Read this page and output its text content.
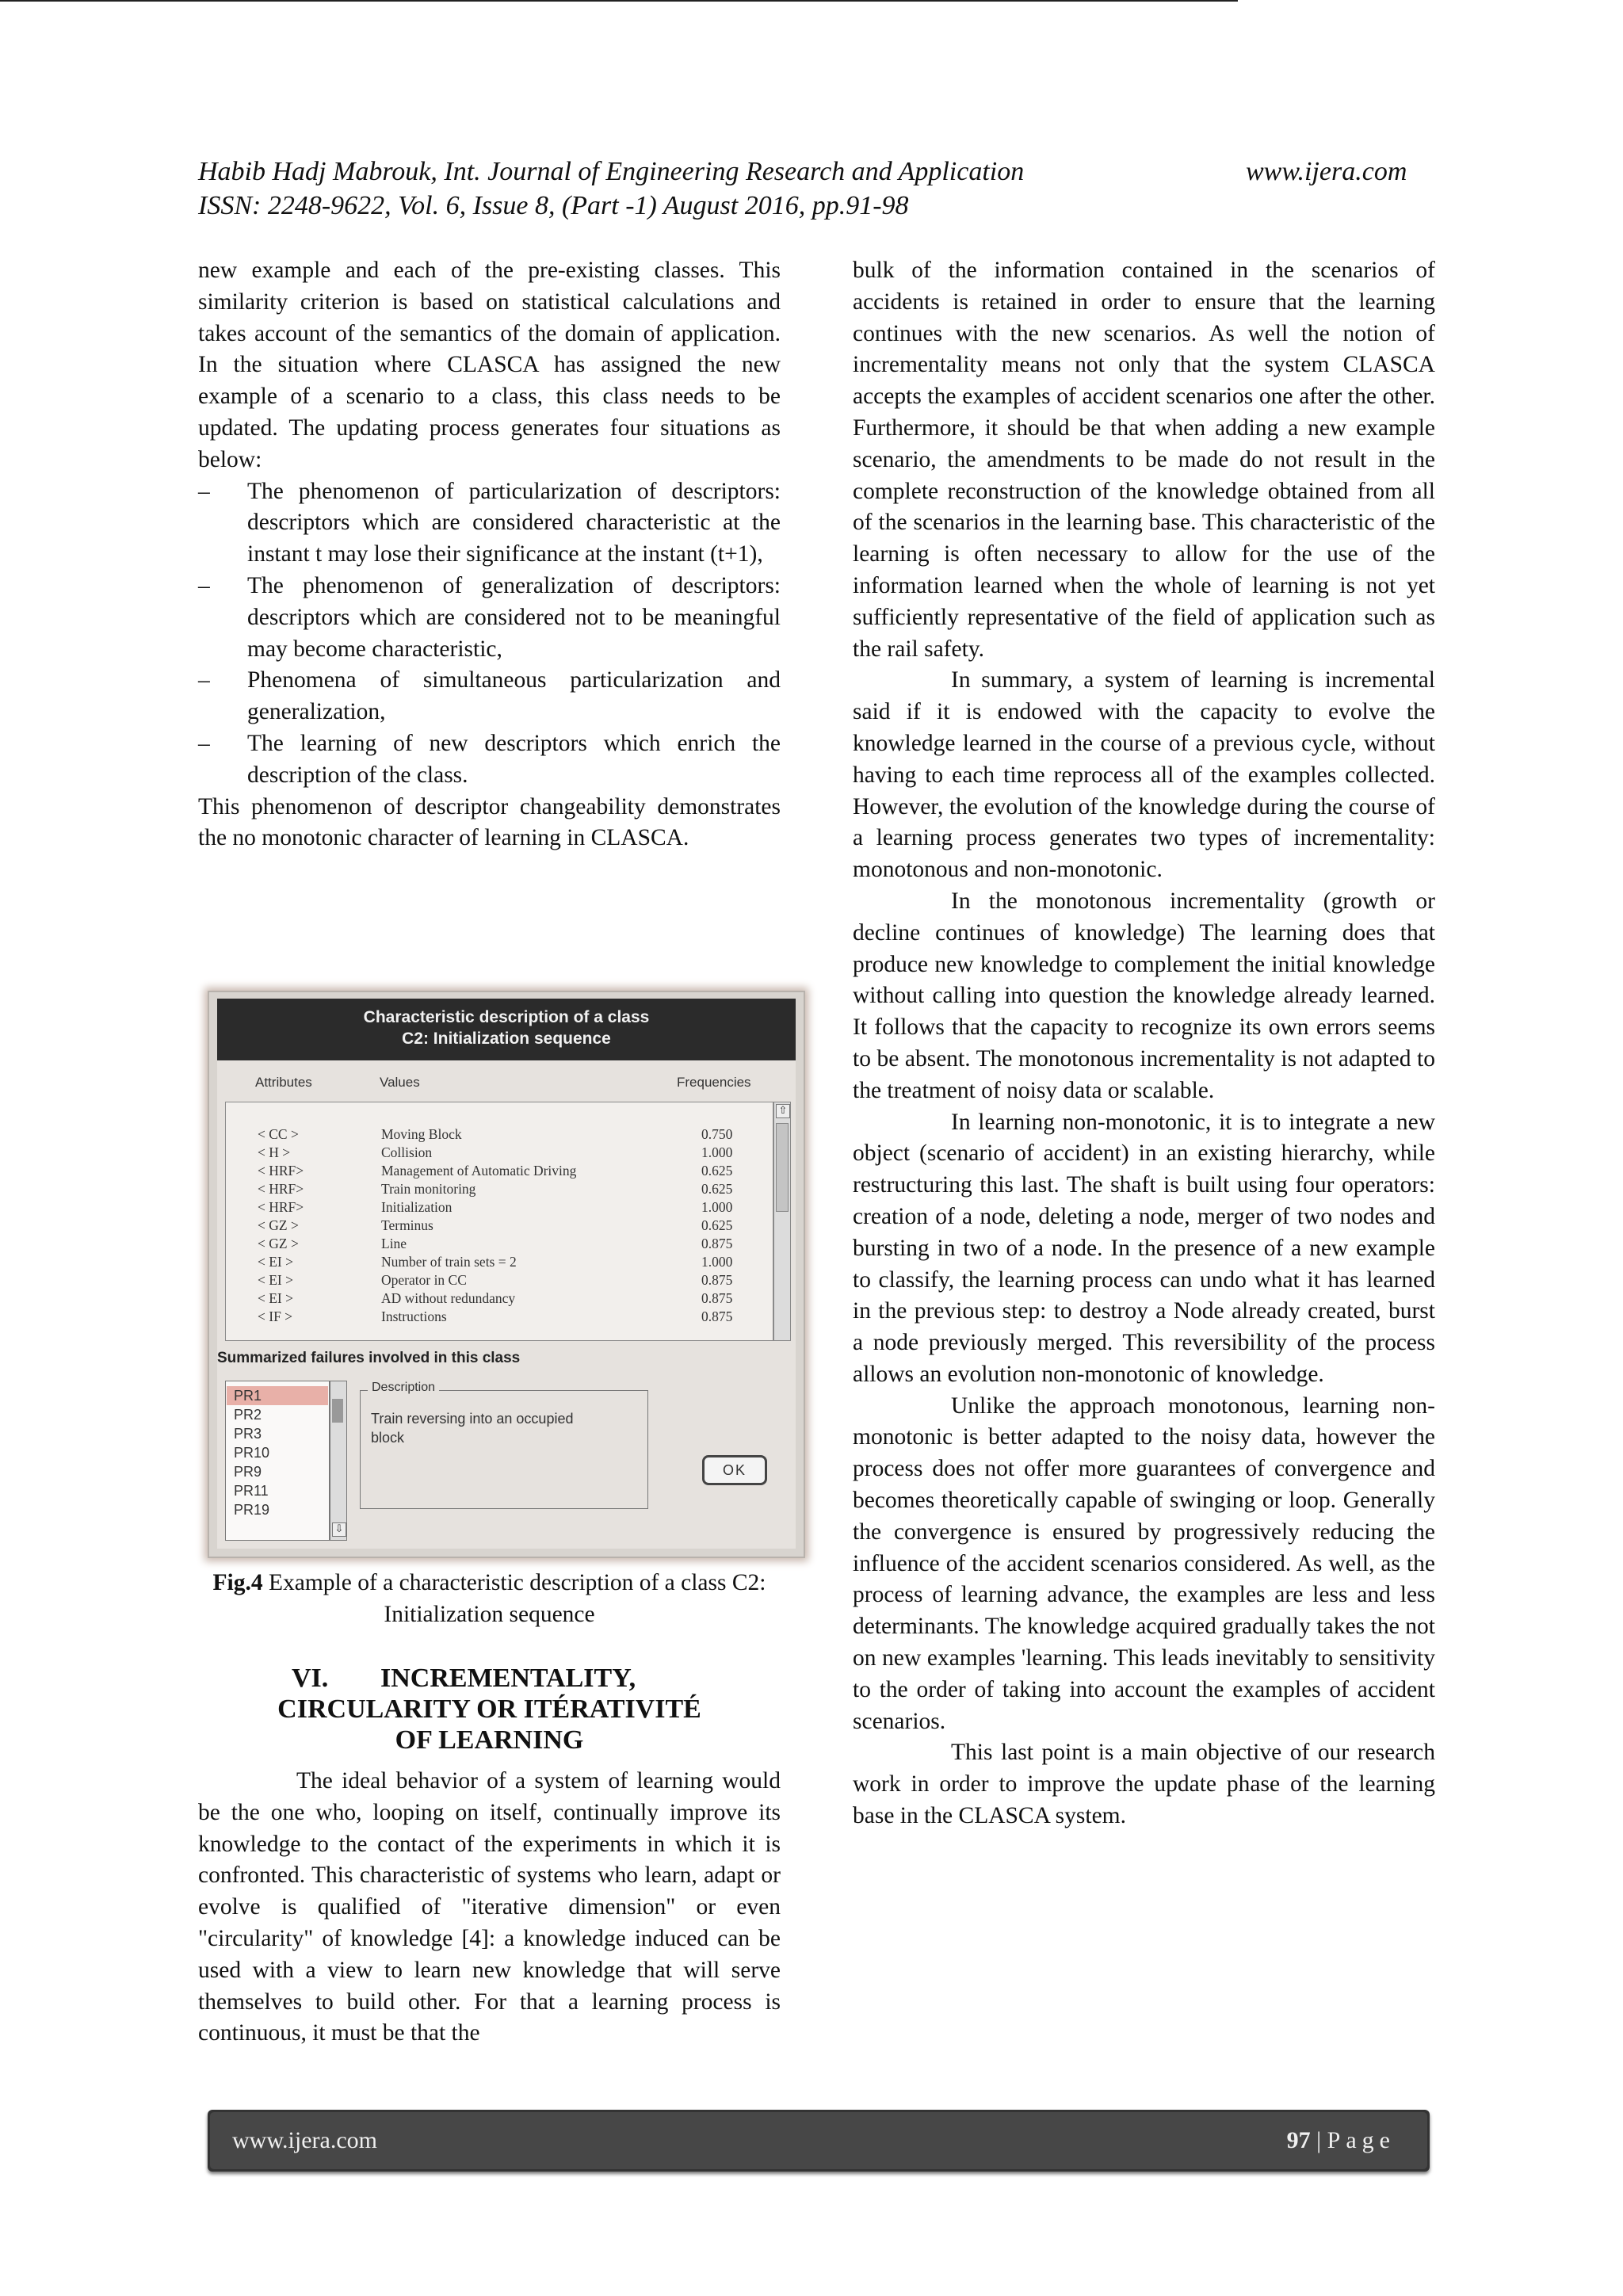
Habib Hadj Mabrouk, Int. Journal of Engineering Research and Application	www.ijera.com
ISSN: 2248-9622, Vol. 6, Issue 8, (Part -1) August 2016, pp.91-98

new example and each of the pre-existing classes. This similarity criterion is based on statistical calculations and takes account of the semantics of the domain of application. In the situation where CLASCA has assigned the new example of a scenario to a class, this class needs to be updated. The updating process generates four situations as below:

– The phenomenon of particularization of descriptors: descriptors which are considered characteristic at the instant t may lose their significance at the instant (t+1),
– The phenomenon of generalization of descriptors: descriptors which are considered not to be meaningful may become characteristic,
– Phenomena of simultaneous particularization and generalization,
– The learning of new descriptors which enrich the description of the class.

This phenomenon of descriptor changeability demonstrates the no monotonic character of learning in CLASCA.

Characteristic description of a class
C2: Initialization sequence
Attributes	Values	Frequencies
< CC >	Moving Block	0.750
< H >	Collision	1.000
< HRF>	Management of Automatic Driving	0.625
< HRF>	Train monitoring	0.625
< HRF>	Initialization	1.000
< GZ >	Terminus	0.625
< GZ >	Line	0.875
< EI >	Number of train sets = 2	1.000
< EI >	Operator in CC	0.875
< EI >	AD without redundancy	0.875
< IF >	Instructions	0.875
⇧
Summarized failures involved in this class
PR1
PR2
PR3
PR10
PR9
PR11
PR19
⇩
Description
Train reversing into an occupied block
OK
Fig.4 Example of a characteristic description of a class C2: Initialization sequence
VI. INCREMENTALITY,
CIRCULARITY OR ITÉRATIVITÉ
OF LEARNING

The ideal behavior of a system of learning would be the one who, looping on itself, continually improve its knowledge to the contact of the experiments in which it is confronted. This characteristic of systems who learn, adapt or evolve is qualified of "iterative dimension" or even "circularity" of knowledge [4]: a knowledge induced can be used with a view to learn new knowledge that will serve themselves to build other. For that a learning process is continuous, it must be that the

bulk of the information contained in the scenarios of accidents is retained in order to ensure that the learning continues with the new scenarios. As well the notion of incrementality means not only that the system CLASCA accepts the examples of accident scenarios one after the other. Furthermore, it should be that when adding a new example scenario, the amendments to be made do not result in the complete reconstruction of the knowledge obtained from all of the scenarios in the learning base. This characteristic of the learning is often necessary to allow for the use of the information learned when the whole of learning is not yet sufficiently representative of the field of application such as the rail safety.

In summary, a system of learning is incremental said if it is endowed with the capacity to evolve the knowledge learned in the course of a previous cycle, without having to each time reprocess all of the examples collected. However, the evolution of the knowledge during the course of a learning process generates two types of incrementality: monotonous and non-monotonic.

In the monotonous incrementality (growth or decline continues of knowledge) The learning does that produce new knowledge to complement the initial knowledge without calling into question the knowledge already learned. It follows that the capacity to recognize its own errors seems to be absent. The monotonous incrementality is not adapted to the treatment of noisy data or scalable.

In learning non-monotonic, it is to integrate a new object (scenario of accident) in an existing hierarchy, while restructuring this last. The shaft is built using four operators: creation of a node, deleting a node, merger of two nodes and bursting in two of a node. In the presence of a new example to classify, the learning process can undo what it has learned in the previous step: to destroy a Node already created, burst a node previously merged. This reversibility of the process allows an evolution non-monotonic of knowledge.

Unlike the approach monotonous, learning non-monotonic is better adapted to the noisy data, however the process does not offer more guarantees of convergence and becomes theoretically capable of swinging or loop. Generally the convergence is ensured by progressively reducing the influence of the accident scenarios considered. As well, as the process of learning advance, the examples are less and less determinants. The knowledge acquired gradually takes the not on new examples 'learning. This leads inevitably to sensitivity to the order of taking into account the examples of accident scenarios.

This last point is a main objective of our research work in order to improve the update phase of the learning base in the CLASCA system.

www.ijera.com	97 | Page
